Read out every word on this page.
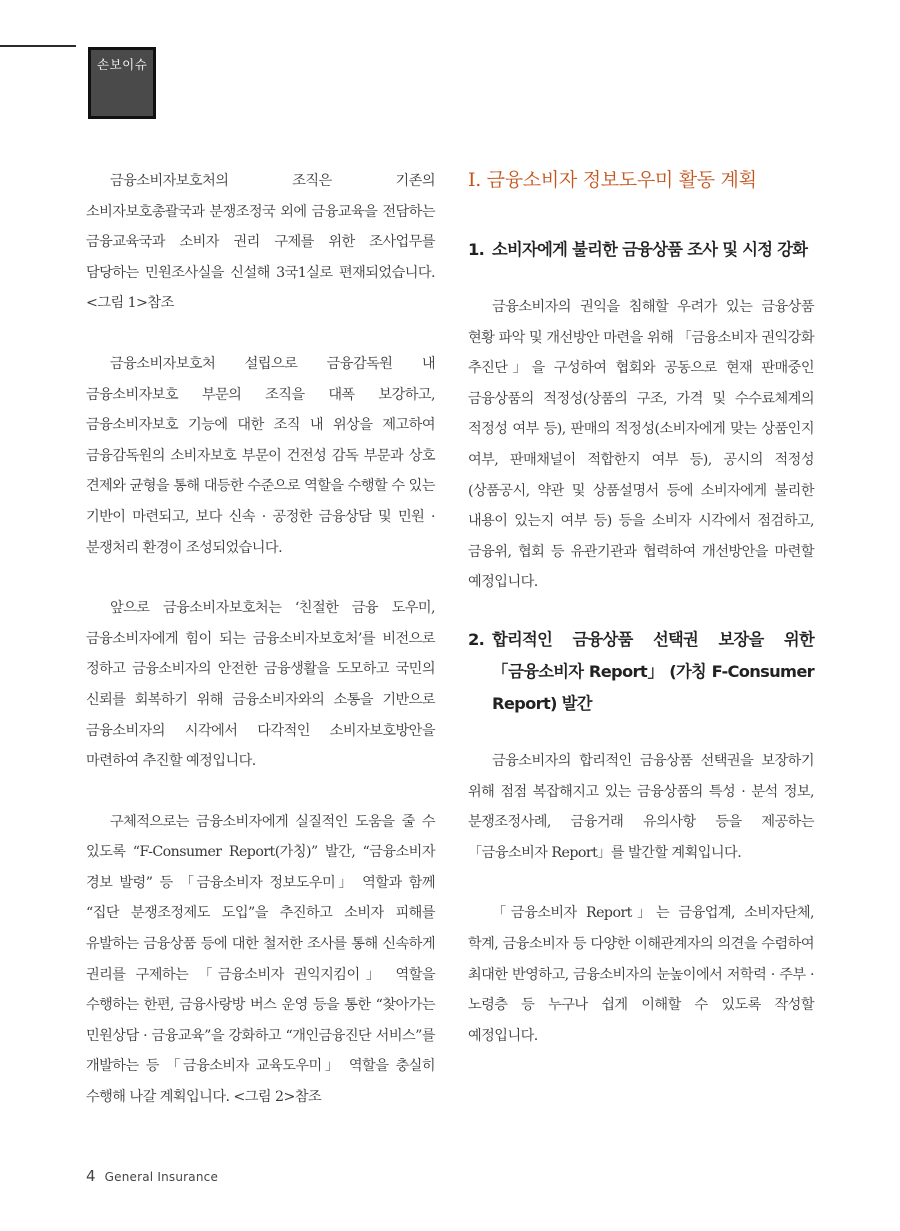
손보이슈

금융소비자보호처의 조직은 기존의 소비자보호총괄국과 분쟁조정국 외에 금융교육을 전담하는 금융교육국과 소비자 권리 구제를 위한 조사업무를 담당하는 민원조사실을 신설해 3국1실로 편재되었습니다. <그림 1>참조

금융소비자보호처 설립으로 금융감독원 내 금융소비자보호 부문의 조직을 대폭 보강하고, 금융소비자보호 기능에 대한 조직 내 위상을 제고하여 금융감독원의 소비자보호 부문이 건전성 감독 부문과 상호 견제와 균형을 통해 대등한 수준으로 역할을 수행할 수 있는 기반이 마련되고, 보다 신속 · 공정한 금융상담 및 민원 · 분쟁처리 환경이 조성되었습니다.

앞으로 금융소비자보호처는 ‘친절한 금융 도우미, 금융소비자에게 힘이 되는 금융소비자보호처’를 비전으로 정하고 금융소비자의 안전한 금융생활을 도모하고 국민의 신뢰를 회복하기 위해 금융소비자와의 소통을 기반으로 금융소비자의 시각에서 다각적인 소비자보호방안을 마련하여 추진할 예정입니다.

구체적으로는 금융소비자에게 실질적인 도움을 줄 수 있도록 “F-Consumer Report(가칭)” 발간, “금융소비자 경보 발령” 등 「금융소비자 정보도우미」 역할과 함께 “집단 분쟁조정제도 도입”을 추진하고 소비자 피해를 유발하는 금융상품 등에 대한 철저한 조사를 통해 신속하게 권리를 구제하는 「금융소비자 권익지킴이」 역할을 수행하는 한편, 금융사랑방 버스 운영 등을 통한 “찾아가는 민원상담 · 금융교육”을 강화하고 “개인금융진단 서비스”를 개발하는 등 「금융소비자 교육도우미」 역할을 충실히 수행해 나갈 계획입니다. <그림 2>참조

Ⅰ. 금융소비자 정보도우미 활동 계획
1. 소비자에게 불리한 금융상품 조사 및 시정 강화

금융소비자의 권익을 침해할 우려가 있는 금융상품 현황 파악 및 개선방안 마련을 위해 「금융소비자 권익강화 추진단」을 구성하여 협회와 공동으로 현재 판매중인 금융상품의 적정성(상품의 구조, 가격 및 수수료체계의 적정성 여부 등), 판매의 적정성(소비자에게 맞는 상품인지 여부, 판매채널이 적합한지 여부 등), 공시의 적정성(상품공시, 약관 및 상품설명서 등에 소비자에게 불리한 내용이 있는지 여부 등) 등을 소비자 시각에서 점검하고, 금융위, 협회 등 유관기관과 협력하여 개선방안을 마련할 예정입니다.

2. 합리적인 금융상품 선택권 보장을 위한 「금융소비자 Report」 (가칭 F-Consumer Report) 발간

금융소비자의 합리적인 금융상품 선택권을 보장하기 위해 점점 복잡해지고 있는 금융상품의 특성 · 분석 정보, 분쟁조정사례, 금융거래 유의사항 등을 제공하는 「금융소비자 Report」를 발간할 계획입니다.

「금융소비자 Report」는 금융업계, 소비자단체, 학계, 금융소비자 등 다양한 이해관계자의 의견을 수렴하여 최대한 반영하고, 금융소비자의 눈높이에서 저학력 · 주부 · 노령층 등 누구나 쉽게 이해할 수 있도록 작성할 예정입니다.

4 General Insurance
